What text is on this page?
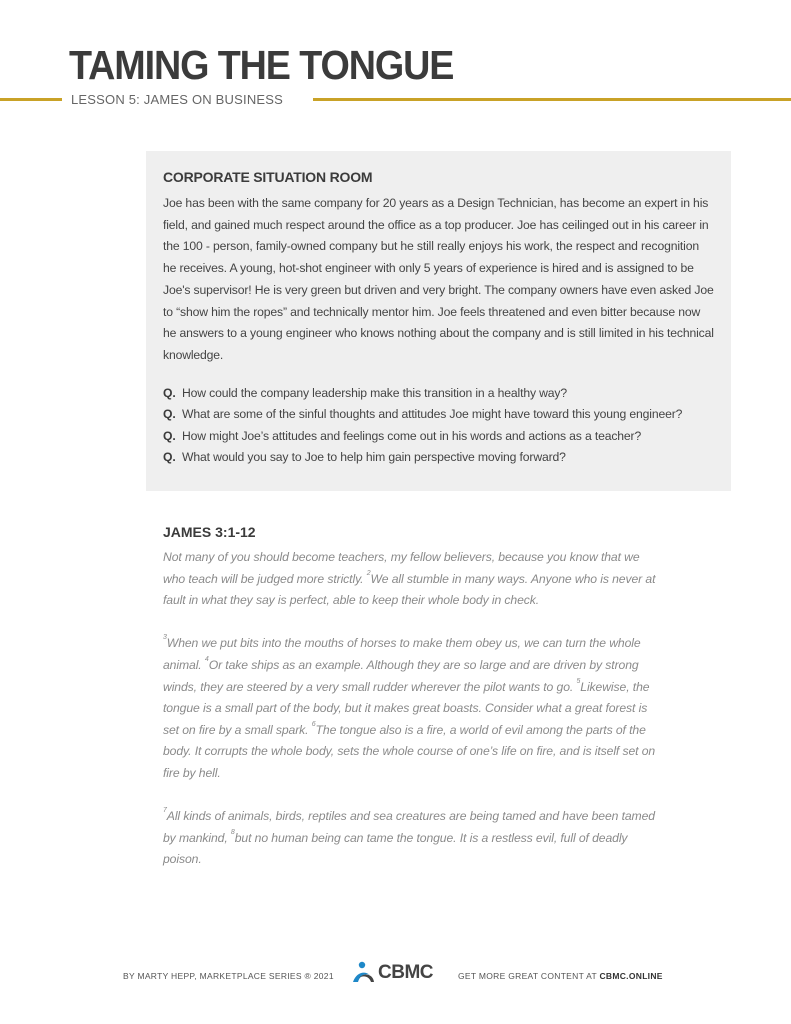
TAMING THE TONGUE
LESSON 5: JAMES ON BUSINESS
CORPORATE SITUATION ROOM

Joe has been with the same company for 20 years as a Design Technician, has become an expert in his field, and gained much respect around the office as a top producer. Joe has ceilinged out in his career in the 100 - person, family-owned company but he still really enjoys his work, the respect and recognition he receives. A young, hot-shot engineer with only 5 years of experience is hired and is assigned to be Joe's supervisor! He is very green but driven and very bright. The company owners have even asked Joe to “show him the ropes” and technically mentor him. Joe feels threatened and even bitter because now he answers to a young engineer who knows nothing about the company and is still limited in his technical knowledge.

Q. How could the company leadership make this transition in a healthy way?
Q. What are some of the sinful thoughts and attitudes Joe might have toward this young engineer?
Q. How might Joe’s attitudes and feelings come out in his words and actions as a teacher?
Q. What would you say to Joe to help him gain perspective moving forward?
JAMES 3:1-12

Not many of you should become teachers, my fellow believers, because you know that we who teach will be judged more strictly. $^2$We all stumble in many ways. Anyone who is never at fault in what they say is perfect, able to keep their whole body in check.

$^3$When we put bits into the mouths of horses to make them obey us, we can turn the whole animal. $^4$Or take ships as an example. Although they are so large and are driven by strong winds, they are steered by a very small rudder wherever the pilot wants to go. $^5$Likewise, the tongue is a small part of the body, but it makes great boasts. Consider what a great forest is set on fire by a small spark. $^6$The tongue also is a fire, a world of evil among the parts of the body. It corrupts the whole body, sets the whole course of one’s life on fire, and is itself set on fire by hell.

$^7$All kinds of animals, birds, reptiles and sea creatures are being tamed and have been tamed by mankind, $^8$but no human being can tame the tongue. It is a restless evil, full of deadly poison.

BY MARTY HEPP, MARKETPLACE SERIES ® 2021 CBMC	GET MORE GREAT CONTENT AT CBMC.ONLINE
